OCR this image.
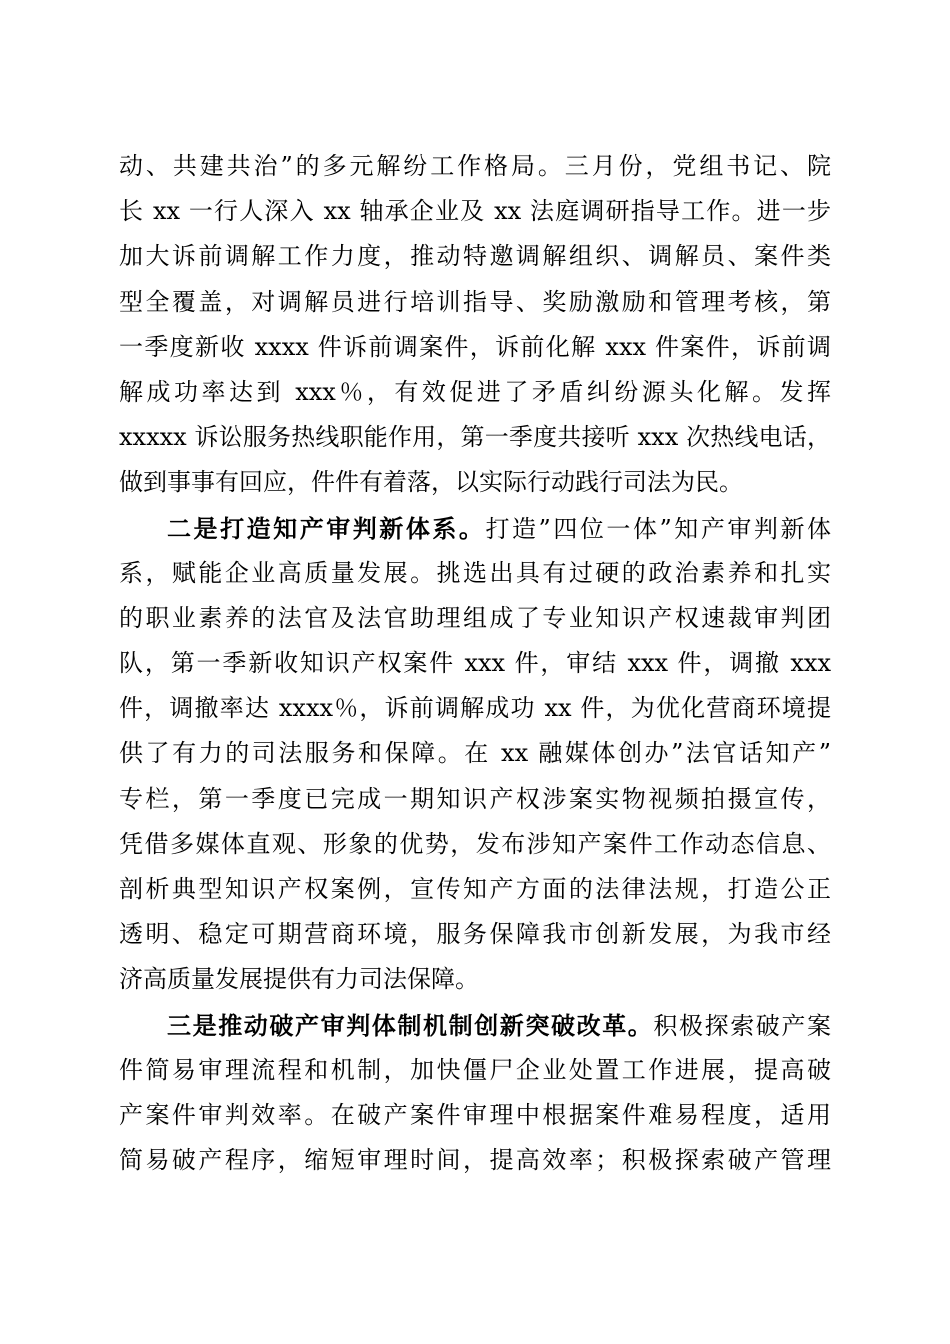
动、共建共治”的多元解纷工作格局。三月份，党组书记、院
长 xx 一行人深入 xx 轴承企业及 xx 法庭调研指导工作。进一步
加大诉前调解工作力度，推动特邀调解组织、调解员、案件类
型全覆盖，对调解员进行培训指导、奖励激励和管理考核，第
一季度新收 xxxx 件诉前调案件，诉前化解 xxx 件案件，诉前调
解成功率达到 xxx％，有效促进了矛盾纠纷源头化解。发挥
xxxxx 诉讼服务热线职能作用，第一季度共接听 xxx 次热线电话，
做到事事有回应，件件有着落，以实际行动践行司法为民。
二是打造知产审判新体系。打造”四位一体”知产审判新体
系，赋能企业高质量发展。挑选出具有过硬的政治素养和扎实
的职业素养的法官及法官助理组成了专业知识产权速裁审判团
队，第一季新收知识产权案件 xxx 件，审结 xxx 件，调撤 xxx
件，调撤率达 xxxx％，诉前调解成功 xx 件，为优化营商环境提
供了有力的司法服务和保障。在 xx 融媒体创办”法官话知产”
专栏，第一季度已完成一期知识产权涉案实物视频拍摄宣传，
凭借多媒体直观、形象的优势，发布涉知产案件工作动态信息、
剖析典型知识产权案例，宣传知产方面的法律法规，打造公正
透明、稳定可期营商环境，服务保障我市创新发展，为我市经
济高质量发展提供有力司法保障。
三是推动破产审判体制机制创新突破改革。积极探索破产案
件简易审理流程和机制，加快僵尸企业处置工作进展，提高破
产案件审判效率。在破产案件审理中根据案件难易程度，适用
简易破产程序，缩短审理时间，提高效率；积极探索破产管理
